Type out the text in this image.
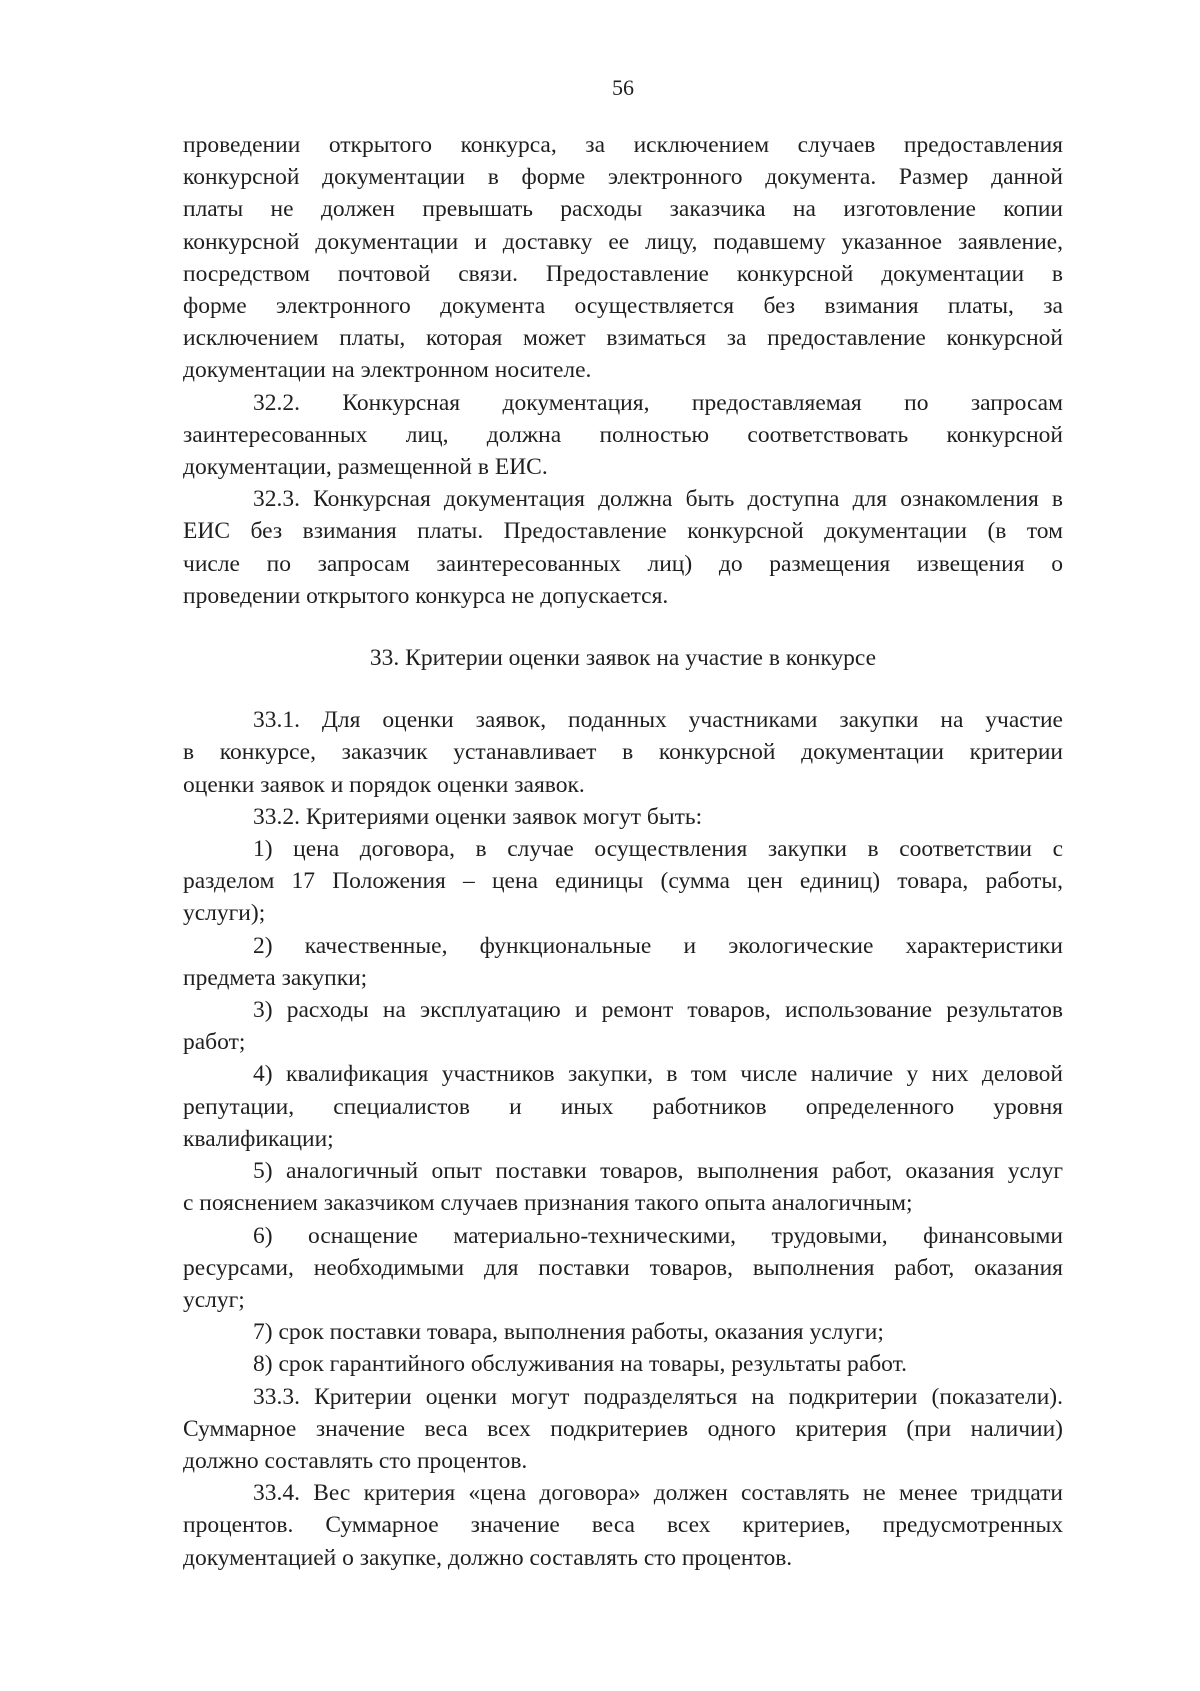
56

проведении открытого конкурса, за исключением случаев предоставления

конкурсной документации в форме электронного документа. Размер данной

платы не должен превышать расходы заказчика на изготовление копии

конкурсной документации и доставку ее лицу, подавшему указанное заявление,

посредством почтовой связи. Предоставление конкурсной документации в

форме электронного документа осуществляется без взимания платы, за

исключением платы, которая может взиматься за предоставление конкурсной

документации на электронном носителе.

32.2. Конкурсная документация, предоставляемая по запросам

заинтересованных лиц, должна полностью соответствовать конкурсной

документации, размещенной в ЕИС.

32.3. Конкурсная документация должна быть доступна для ознакомления в

ЕИС без взимания платы. Предоставление конкурсной документации (в том

числе по запросам заинтересованных лиц) до размещения извещения о

проведении открытого конкурса не допускается.

33. Критерии оценки заявок на участие в конкурсе

33.1. Для оценки заявок, поданных участниками закупки на участие

в конкурсе, заказчик устанавливает в конкурсной документации критерии

оценки заявок и порядок оценки заявок.

33.2. Критериями оценки заявок могут быть:

1) цена договора, в случае осуществления закупки в соответствии с

разделом 17 Положения – цена единицы (сумма цен единиц) товара, работы,

услуги);

2) качественные, функциональные и экологические характеристики

предмета закупки;

3) расходы на эксплуатацию и ремонт товаров, использование результатов

работ;

4) квалификация участников закупки, в том числе наличие у них деловой

репутации, специалистов и иных работников определенного уровня

квалификации;

5) аналогичный опыт поставки товаров, выполнения работ, оказания услуг

с пояснением заказчиком случаев признания такого опыта аналогичным;

6) оснащение материально-техническими, трудовыми, финансовыми

ресурсами, необходимыми для поставки товаров, выполнения работ, оказания

услуг;

7) срок поставки товара, выполнения работы, оказания услуги;

8) срок гарантийного обслуживания на товары, результаты работ.

33.3. Критерии оценки могут подразделяться на подкритерии (показатели).

Суммарное значение веса всех подкритериев одного критерия (при наличии)

должно составлять сто процентов.

33.4. Вес критерия «цена договора» должен составлять не менее тридцати

процентов. Суммарное значение веса всех критериев, предусмотренных

документацией о закупке, должно составлять сто процентов.
